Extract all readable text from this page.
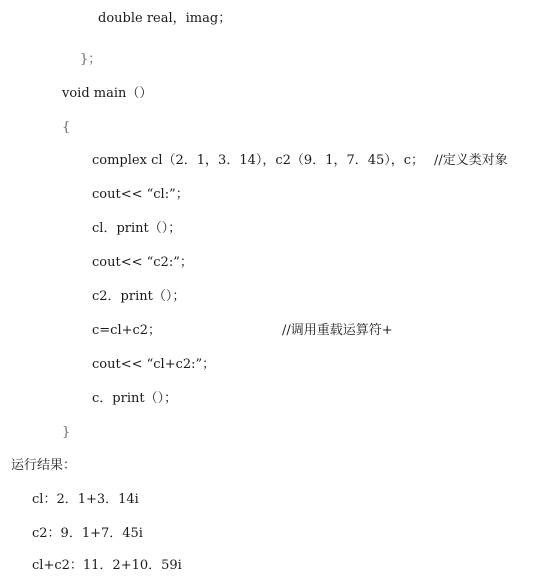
double real，imag；
}；
void main（）
{
complex cl（2．1，3．14），c2（9．1，7．45），c； //定义类对象
cout<< “cl:”；
cl．print（）；
cout<< “c2:”；
c2．print（）；
c=cl+c2；	//调用重载运算符+
cout<< “cl+c2:”；
c．print（）；
}
运行结果：
cl：2．1+3．14i
c2：9．1+7．45i
cl+c2：11．2+10．59i
